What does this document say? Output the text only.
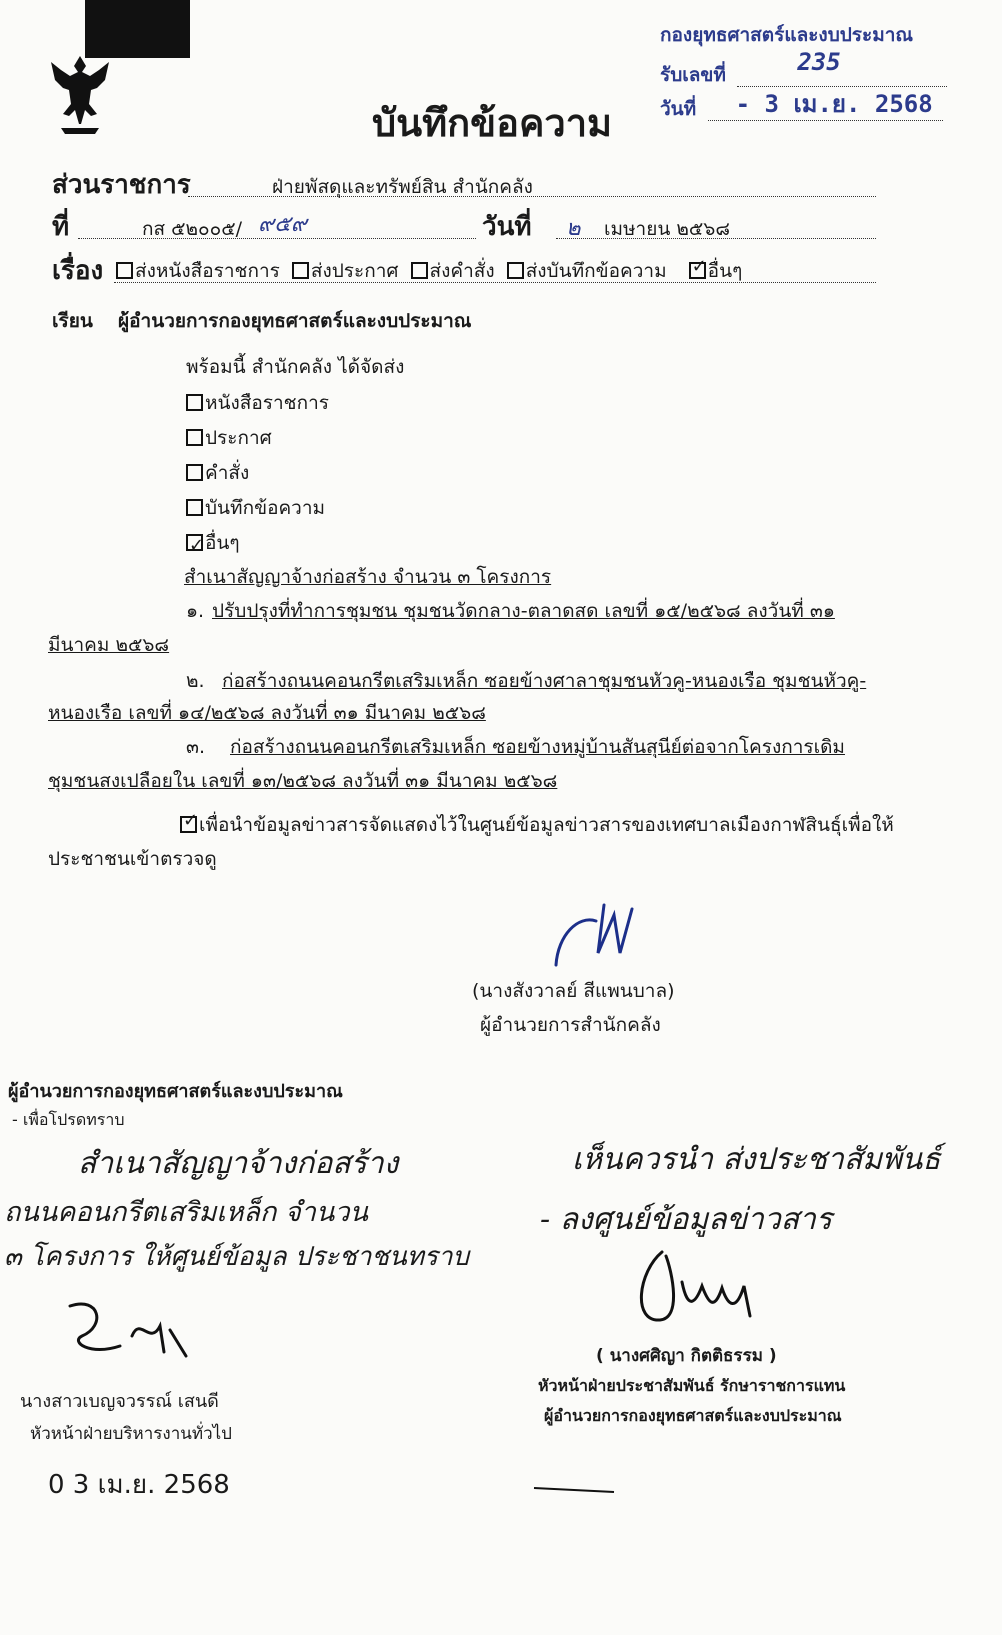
กองยุทธศาสตร์และงบประมาณ
รับเลขที่	235

วันที่ - 3 เม.ย. 2568

บันทึกข้อความ
ส่วนราชการ	ฝ่ายพัสดุและทรัพย์สิน สำนักคลัง
ที่	กส ๕๒๐๐๕/ ๙๕๙	วันที่ ๒ เมษายน ๒๕๖๘
เรื่อง	ส่งหนังสือราชการ ส่งประกาศ ส่งคำสั่ง ส่งบันทึกข้อความ ✓ อื่นๆ
เรียน ผู้อำนวยการกองยุทธศาสตร์และงบประมาณ
พร้อมนี้ สำนักคลัง ได้จัดส่ง
หนังสือราชการ
ประกาศ
คำสั่ง
บันทึกข้อความ
✓อื่นๆ
สำเนาสัญญาจ้างก่อสร้าง จำนวน ๓ โครงการ
๑. ปรับปรุงที่ทำการชุมชน ชุมชนวัดกลาง-ตลาดสด เลขที่ ๑๕/๒๕๖๘ ลงวันที่ ๓๑
มีนาคม ๒๕๖๘
๒. ก่อสร้างถนนคอนกรีตเสริมเหล็ก ซอยข้างศาลาชุมชนหัวคู-หนองเรือ ชุมชนหัวคู-
หนองเรือ เลขที่ ๑๔/๒๕๖๘ ลงวันที่ ๓๑ มีนาคม ๒๕๖๘
๓. ก่อสร้างถนนคอนกรีตเสริมเหล็ก ซอยข้างหมู่บ้านสันสุนีย์ต่อจากโครงการเดิม
ชุมชนสงเปลือยใน เลขที่ ๑๓/๒๕๖๘ ลงวันที่ ๓๑ มีนาคม ๒๕๖๘
✓เพื่อนำข้อมูลข่าวสารจัดแสดงไว้ในศูนย์ข้อมูลข่าวสารของเทศบาลเมืองกาฬสินธุ์เพื่อให้
ประชาชนเข้าตรวจดู
(นางสังวาลย์ สีแพนบาล)
ผู้อำนวยการสำนักคลัง
ผู้อำนวยการกองยุทธศาสตร์และงบประมาณ
- เพื่อโปรดทราบ
สำเนาสัญญาจ้างก่อสร้าง
ถนนคอนกรีตเสริมเหล็ก จำนวน
๓ โครงการ ให้ศูนย์ข้อมูล ประชาชนทราบ
นางสาวเบญจวรรณ์ เสนดี
หัวหน้าฝ่ายบริหารงานทั่วไป
0 3 เม.ย. 2568
เห็นควรนำ ส่งประชาสัมพันธ์
- ลงศูนย์ข้อมูลข่าวสาร
( นางศศิญา กิตติธรรม )
หัวหน้าฝ่ายประชาสัมพันธ์ รักษาราชการแทน
ผู้อำนวยการกองยุทธศาสตร์และงบประมาณ
